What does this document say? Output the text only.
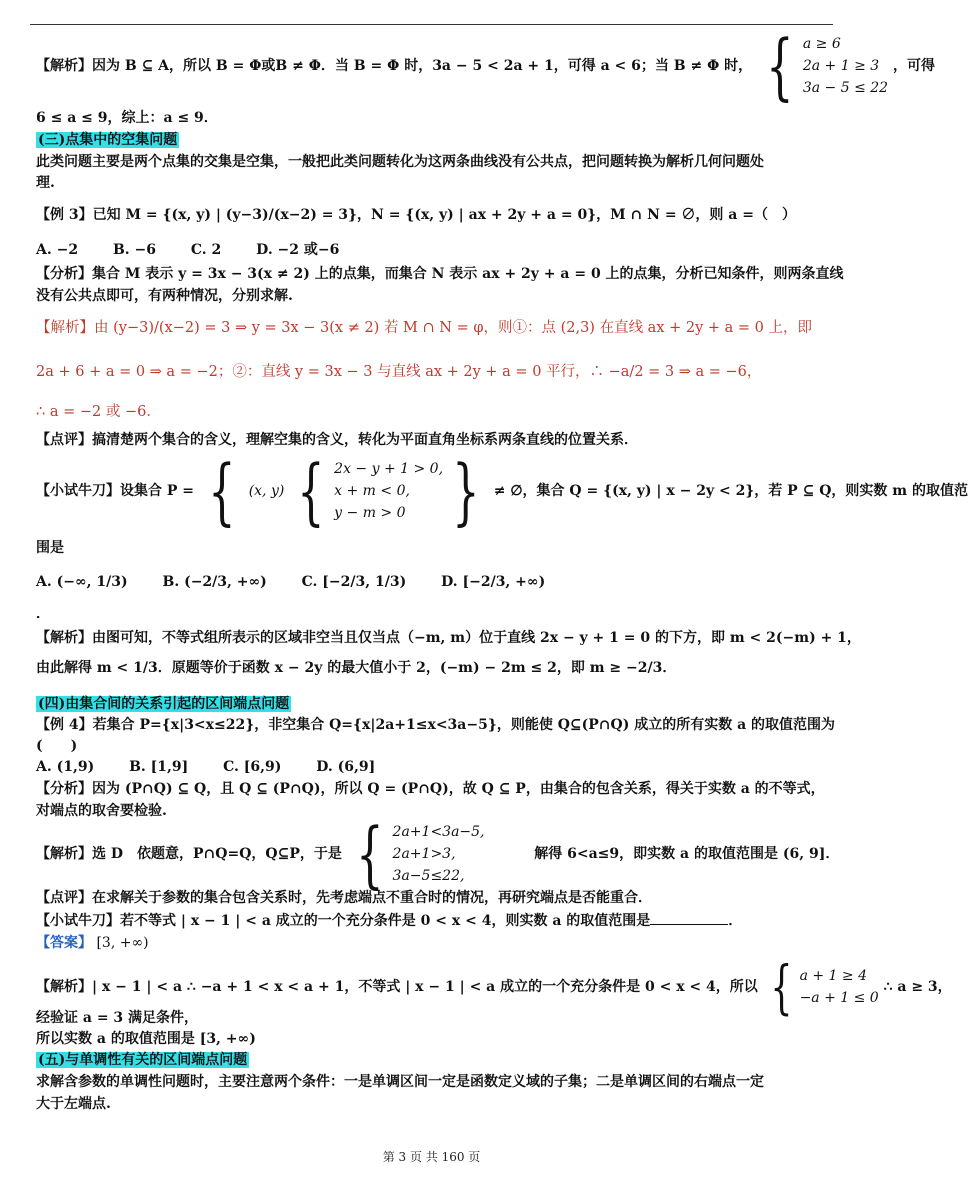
【解析】因为 B ⊆ A，所以 B = Φ或B ≠ Φ．当 B = Φ 时，3a − 5 < 2a + 1，可得 a < 6；当 B ≠ Φ 时， { a ≥ 6
2a + 1 ≥ 3
3a − 5 ≤ 22
，可得
6 ≤ a ≤ 9，综上：a ≤ 9．
(三)点集中的空集问题
此类问题主要是两个点集的交集是空集，一般把此类问题转化为这两条曲线没有公共点，把问题转换为解析几何问题处
理.
【例 3】已知 M = {(x, y) | (y−3)/(x−2) = 3}，N = {(x, y) | ax + 2y + a = 0}，M ∩ N = ∅，则 a =（　）
A. −2 B. −6 C. 2 D. −2 或−6
【分析】集合 M 表示 y = 3x − 3(x ≠ 2) 上的点集，而集合 N 表示 ax + 2y + a = 0 上的点集，分析已知条件，则两条直线
没有公共点即可，有两种情况，分别求解.
【解析】由 (y−3)/(x−2) = 3 ⇒ y = 3x − 3(x ≠ 2) 若 M ∩ N = φ，则①：点 (2,3) 在直线 ax + 2y + a = 0 上，即
2a + 6 + a = 0 ⇒ a = −2；②：直线 y = 3x − 3 与直线 ax + 2y + a = 0 平行，∴ −a/2 = 3 ⇒ a = −6，
∴ a = −2 或 −6．
【点评】搞清楚两个集合的含义，理解空集的含义，转化为平面直角坐标系两条直线的位置关系．
【小试牛刀】设集合 P = { (x, y) { 2x − y + 1 > 0,
x + m < 0,
y − m > 0 } ≠ ∅，集合 Q = {(x, y) | x − 2y < 2}，若 P ⊆ Q，则实数 m 的取值范
围是
A. (−∞, 1/3) B. (−2/3, +∞) C. [−2/3, 1/3) D. [−2/3, +∞)
．
【解析】由图可知，不等式组所表示的区域非空当且仅当点（−m, m）位于直线 2x − y + 1 = 0 的下方，即 m < 2(−m) + 1，
由此解得 m < 1/3．原题等价于函数 x − 2y 的最大值小于 2，(−m) − 2m ≤ 2，即 m ≥ −2/3．
(四)由集合间的关系引起的区间端点问题
【例 4】若集合 P={x|3<x≤22}，非空集合 Q={x|2a+1≤x<3a−5}，则能使 Q⊆(P∩Q) 成立的所有实数 a 的取值范围为
(　　)
A. (1,9) B. [1,9] C. [6,9) D. (6,9]
【分析】因为 (P∩Q) ⊆ Q，且 Q ⊆ (P∩Q)，所以 Q = (P∩Q)，故 Q ⊆ P，由集合的包含关系，得关于实数 a 的不等式，
对端点的取舍要检验.
【解析】选 D　依题意，P∩Q=Q，Q⊆P，于是 { 2a+1<3a−5,
2a+1>3,
3a−5≤22,
解得 6<a≤9，即实数 a 的取值范围是 (6, 9]．
【点评】在求解关于参数的集合包含关系时，先考虑端点不重合时的情况，再研究端点是否能重合．
【小试牛刀】若不等式 | x − 1 | < a 成立的一个充分条件是 0 < x < 4，则实数 a 的取值范围是	．
【答案】 [3, +∞)
【解析】| x − 1 | < a ∴ −a + 1 < x < a + 1，不等式 | x − 1 | < a 成立的一个充分条件是 0 < x < 4，所以 { a + 1 ≥ 4
−a + 1 ≤ 0
∴ a ≥ 3，
经验证 a = 3 满足条件，
所以实数 a 的取值范围是 [3, +∞)
(五)与单调性有关的区间端点问题
求解含参数的单调性问题时，主要注意两个条件：一是单调区间一定是函数定义域的子集；二是单调区间的右端点一定
大于左端点.
第 3 页 共 160 页
